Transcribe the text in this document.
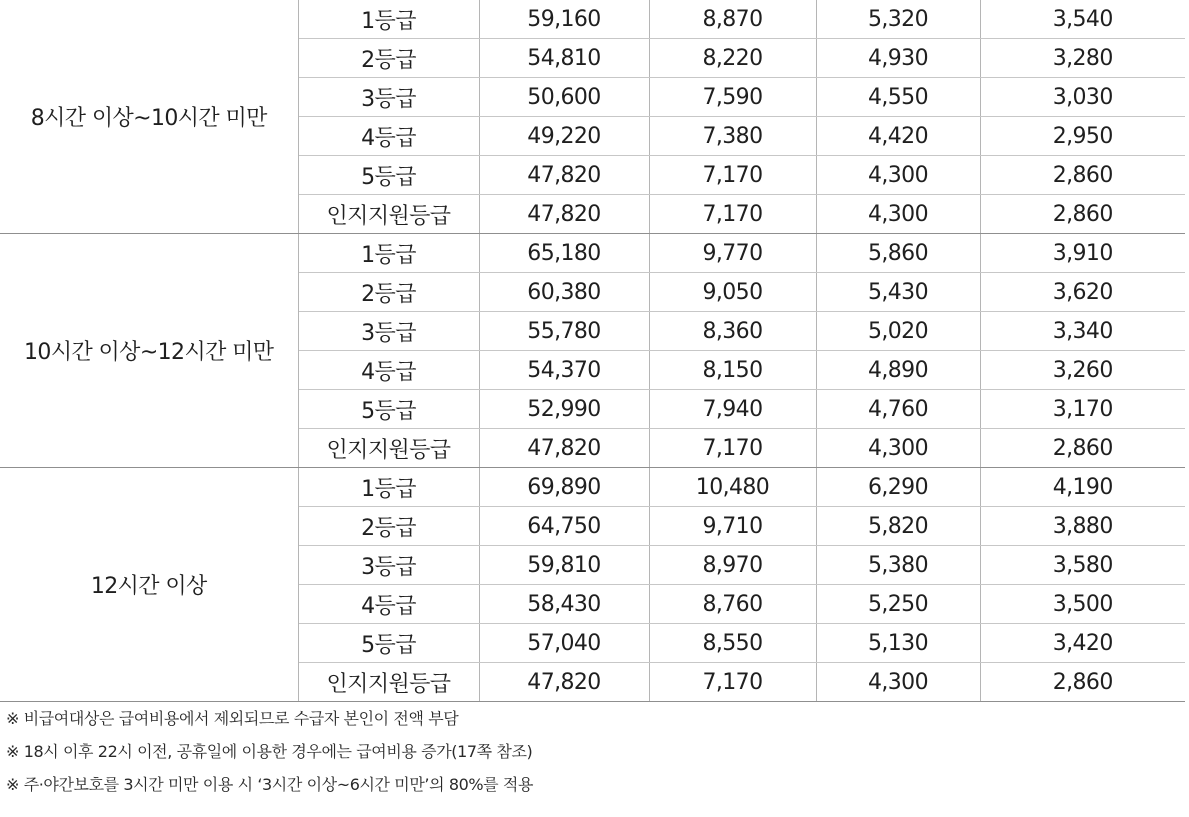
8시간 이상~10시간 미만	1등급	59,160	8,870	5,320	3,540
	2등급	54,810	8,220	4,930	3,280
	3등급	50,600	7,590	4,550	3,030
	4등급	49,220	7,380	4,420	2,950
	5등급	47,820	7,170	4,300	2,860
	인지지원등급	47,820	7,170	4,300	2,860
10시간 이상~12시간 미만	1등급	65,180	9,770	5,860	3,910
	2등급	60,380	9,050	5,430	3,620
	3등급	55,780	8,360	5,020	3,340
	4등급	54,370	8,150	4,890	3,260
	5등급	52,990	7,940	4,760	3,170
	인지지원등급	47,820	7,170	4,300	2,860
12시간 이상	1등급	69,890	10,480	6,290	4,190
	2등급	64,750	9,710	5,820	3,880
	3등급	59,810	8,970	5,380	3,580
	4등급	58,430	8,760	5,250	3,500
	5등급	57,040	8,550	5,130	3,420
	인지지원등급	47,820	7,170	4,300	2,860
※ 비급여대상은 급여비용에서 제외되므로 수급자 본인이 전액 부담
※ 18시 이후 22시 이전, 공휴일에 이용한 경우에는 급여비용 증가(17쪽 참조)
※ 주·야간보호를 3시간 미만 이용 시 ‘3시간 이상~6시간 미만’의 80%를 적용
